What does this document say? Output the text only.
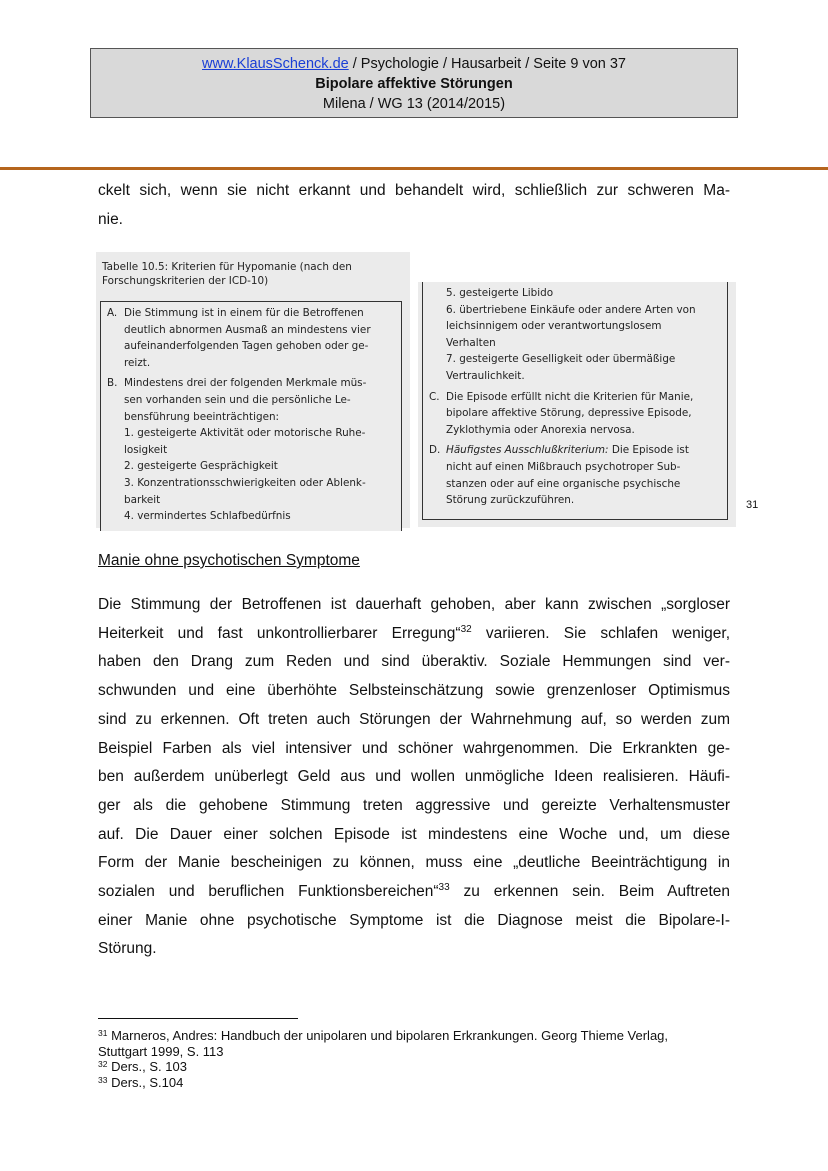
www.KlausSchenck.de / Psychologie / Hausarbeit / Seite 9 von 37
Bipolare affektive Störungen
Milena / WG 13 (2014/2015)

ckelt sich, wenn sie nicht erkannt und behandelt wird, schließlich zur schweren Ma-
nie.

Tabelle 10.5: Kriterien für Hypomanie (nach den
Forschungskriterien der ICD-10)
A. Die Stimmung ist in einem für die Betroffenen
deutlich abnormen Ausmaß an mindestens vier
aufeinanderfolgenden Tagen gehoben oder ge-
reizt.
B. Mindestens drei der folgenden Merkmale müs-
sen vorhanden sein und die persönliche Le-
bensführung beeinträchtigen:
1. gesteigerte Aktivität oder motorische Ruhe-
losigkeit
2. gesteigerte Gesprächigkeit
3. Konzentrationsschwierigkeiten oder Ablenk-
barkeit
4. vermindertes Schlafbedürfnis
5. gesteigerte Libido
6. übertriebene Einkäufe oder andere Arten von
leichsinnigem oder verantwortungslosem
Verhalten
7. gesteigerte Geselligkeit oder übermäßige
Vertraulichkeit.
C. Die Episode erfüllt nicht die Kriterien für Manie,
bipolare affektive Störung, depressive Episode,
Zyklothymia oder Anorexia nervosa.
D. Häufigstes Ausschlußkriterium: Die Episode ist
nicht auf einen Mißbrauch psychotroper Sub-
stanzen oder auf eine organische psychische
Störung zurückzuführen.	31
Manie ohne psychotischen Symptome

Die Stimmung der Betroffenen ist dauerhaft gehoben, aber kann zwischen „sorgloser
Heiterkeit und fast unkontrollierbarer Erregung“$^{32}$ variieren. Sie schlafen weniger,
haben den Drang zum Reden und sind überaktiv. Soziale Hemmungen sind ver-
schwunden und eine überhöhte Selbsteinschätzung sowie grenzenloser Optimismus
sind zu erkennen. Oft treten auch Störungen der Wahrnehmung auf, so werden zum
Beispiel Farben als viel intensiver und schöner wahrgenommen. Die Erkrankten ge-
ben außerdem unüberlegt Geld aus und wollen unmögliche Ideen realisieren. Häufi-
ger als die gehobene Stimmung treten aggressive und gereizte Verhaltensmuster
auf. Die Dauer einer solchen Episode ist mindestens eine Woche und, um diese
Form der Manie bescheinigen zu können, muss eine „deutliche Beeinträchtigung in
sozialen und beruflichen Funktionsbereichen“$^{33}$ zu erkennen sein. Beim Auftreten
einer Manie ohne psychotische Symptome ist die Diagnose meist die Bipolare-I-
Störung.

$^{31}$ Marneros, Andres: Handbuch der unipolaren und bipolaren Erkrankungen. Georg Thieme Verlag,
Stuttgart 1999, S. 113
$^{32}$ Ders., S. 103
$^{33}$ Ders., S.104
